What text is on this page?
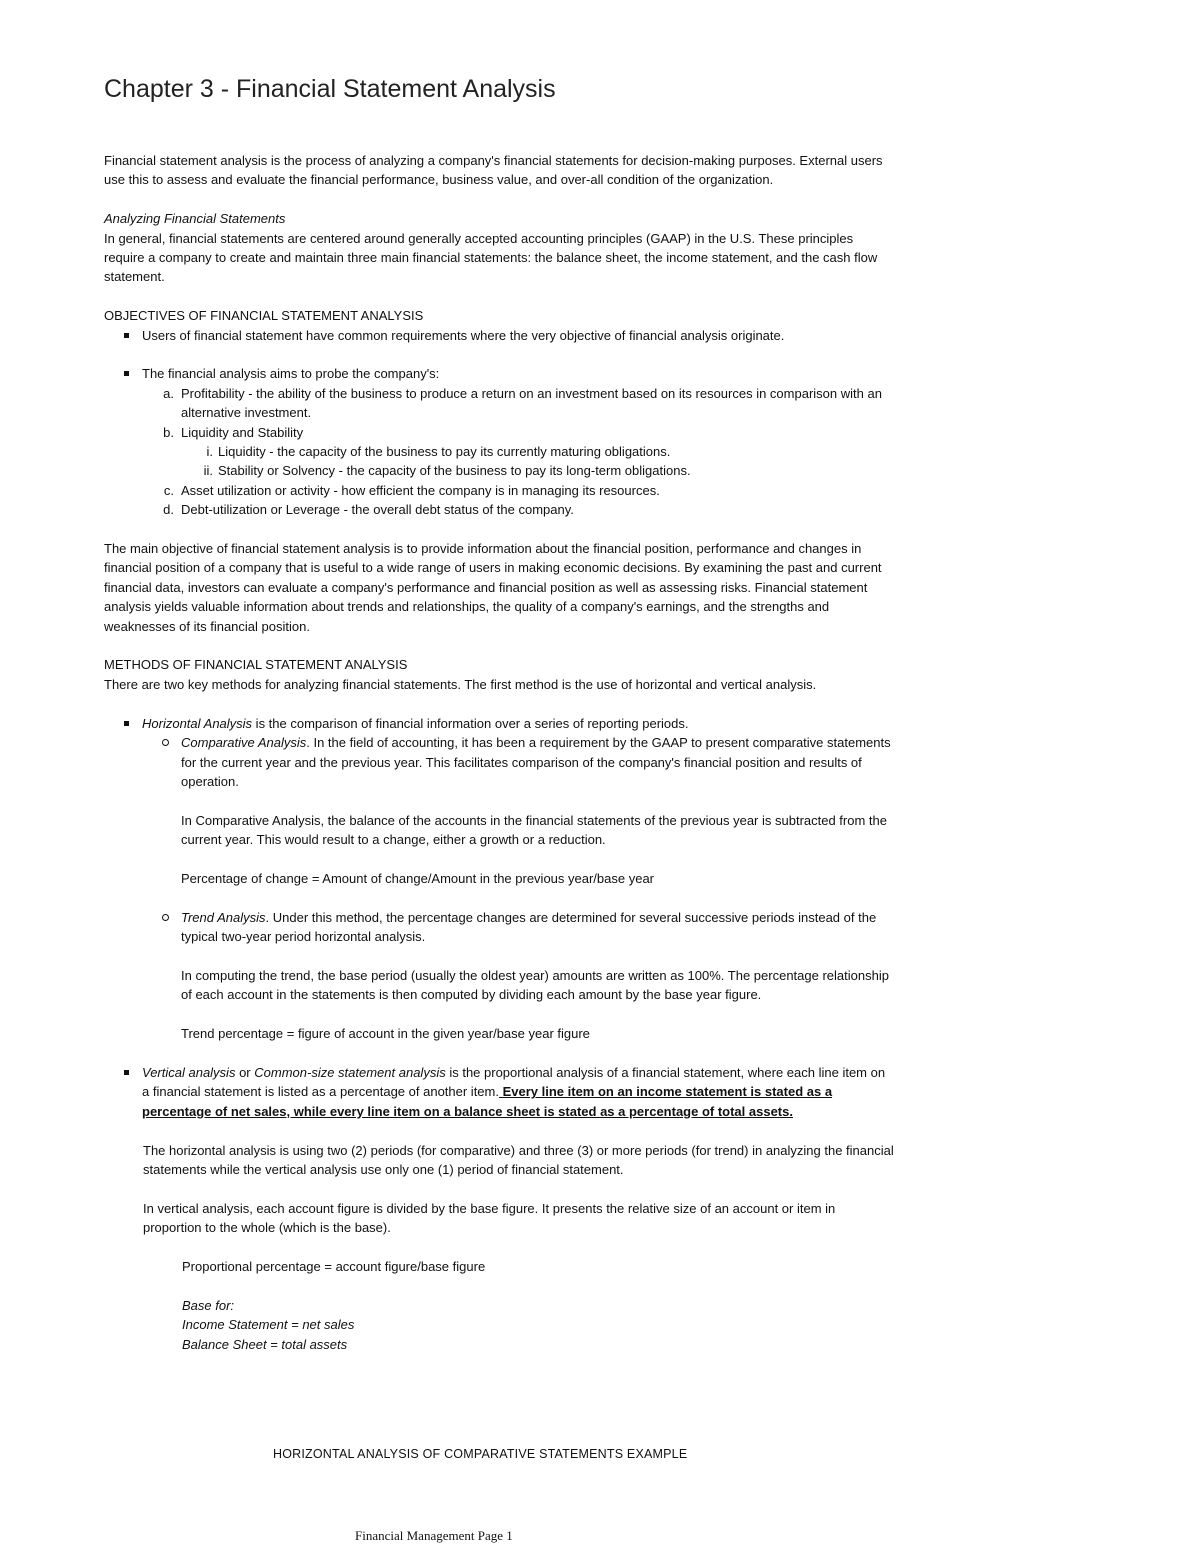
Chapter 3 - Financial Statement Analysis

Financial statement analysis is the process of analyzing a company's financial statements for decision-making purposes. External users use this to assess and evaluate the financial performance, business value, and over-all condition of the organization.

Analyzing Financial Statements

In general, financial statements are centered around generally accepted accounting principles (GAAP) in the U.S. These principles require a company to create and maintain three main financial statements: the balance sheet, the income statement, and the cash flow statement.

OBJECTIVES OF FINANCIAL STATEMENT ANALYSIS

Users of financial statement have common requirements where the very objective of financial analysis originate.
The financial analysis aims to probe the company's:
a. Profitability - the ability of the business to produce a return on an investment based on its resources in comparison with an alternative investment.
b. Liquidity and Stability
i. Liquidity - the capacity of the business to pay its currently maturing obligations.
ii. Stability or Solvency - the capacity of the business to pay its long-term obligations.
c. Asset utilization or activity - how efficient the company is in managing its resources.
d. Debt-utilization or Leverage - the overall debt status of the company.

The main objective of financial statement analysis is to provide information about the financial position, performance and changes in financial position of a company that is useful to a wide range of users in making economic decisions. By examining the past and current financial data, investors can evaluate a company's performance and financial position as well as assessing risks. Financial statement analysis yields valuable information about trends and relationships, the quality of a company's earnings, and the strengths and weaknesses of its financial position.

METHODS OF FINANCIAL STATEMENT ANALYSIS

There are two key methods for analyzing financial statements. The first method is the use of horizontal and vertical analysis.

Horizontal Analysis is the comparison of financial information over a series of reporting periods.
Comparative Analysis. In the field of accounting, it has been a requirement by the GAAP to present comparative statements for the current year and the previous year. This facilitates comparison of the company's financial position and results of operation.

In Comparative Analysis, the balance of the accounts in the financial statements of the previous year is subtracted from the current year. This would result to a change, either a growth or a reduction.

Percentage of change = Amount of change/Amount in the previous year/base year

Trend Analysis. Under this method, the percentage changes are determined for several successive periods instead of the typical two-year period horizontal analysis.

In computing the trend, the base period (usually the oldest year) amounts are written as 100%. The percentage relationship of each account in the statements is then computed by dividing each amount by the base year figure.

Trend percentage = figure of account in the given year/base year figure

Vertical analysis or Common-size statement analysis is the proportional analysis of a financial statement, where each line item on a financial statement is listed as a percentage of another item. Every line item on an income statement is stated as a percentage of net sales, while every line item on a balance sheet is stated as a percentage of total assets.

The horizontal analysis is using two (2) periods (for comparative) and three (3) or more periods (for trend) in analyzing the financial statements while the vertical analysis use only one (1) period of financial statement.

In vertical analysis, each account figure is divided by the base figure. It presents the relative size of an account or item in proportion to the whole (which is the base).

Proportional percentage = account figure/base figure

Base for:

Income Statement = net sales

Balance Sheet = total assets

HORIZONTAL ANALYSIS OF COMPARATIVE STATEMENTS EXAMPLE
Financial Management Page 1
